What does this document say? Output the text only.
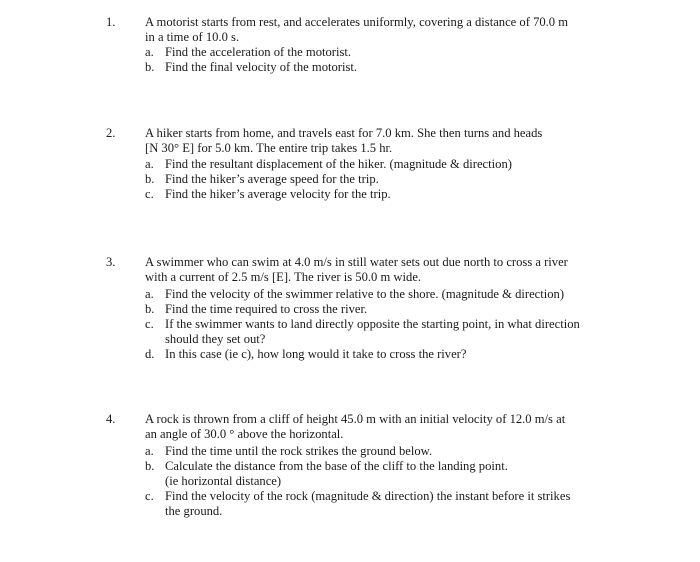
1. A motorist starts from rest, and accelerates uniformly, covering a distance of 70.0 m
in a time of 10.0 s.
a. Find the acceleration of the motorist.
b. Find the final velocity of the motorist.
2. A hiker starts from home, and travels east for 7.0 km. She then turns and heads
[N 30° E] for 5.0 km. The entire trip takes 1.5 hr.
a. Find the resultant displacement of the hiker. (magnitude & direction)
b. Find the hiker’s average speed for the trip.
c. Find the hiker’s average velocity for the trip.
3. A swimmer who can swim at 4.0 m/s in still water sets out due north to cross a river
with a current of 2.5 m/s [E]. The river is 50.0 m wide.
a. Find the velocity of the swimmer relative to the shore. (magnitude & direction)
b. Find the time required to cross the river.
c. If the swimmer wants to land directly opposite the starting point, in what direction
should they set out?
d. In this case (ie c), how long would it take to cross the river?
4. A rock is thrown from a cliff of height 45.0 m with an initial velocity of 12.0 m/s at
an angle of 30.0 ° above the horizontal.
a. Find the time until the rock strikes the ground below.
b. Calculate the distance from the base of the cliff to the landing point.
(ie horizontal distance)
c. Find the velocity of the rock (magnitude & direction) the instant before it strikes
the ground.
